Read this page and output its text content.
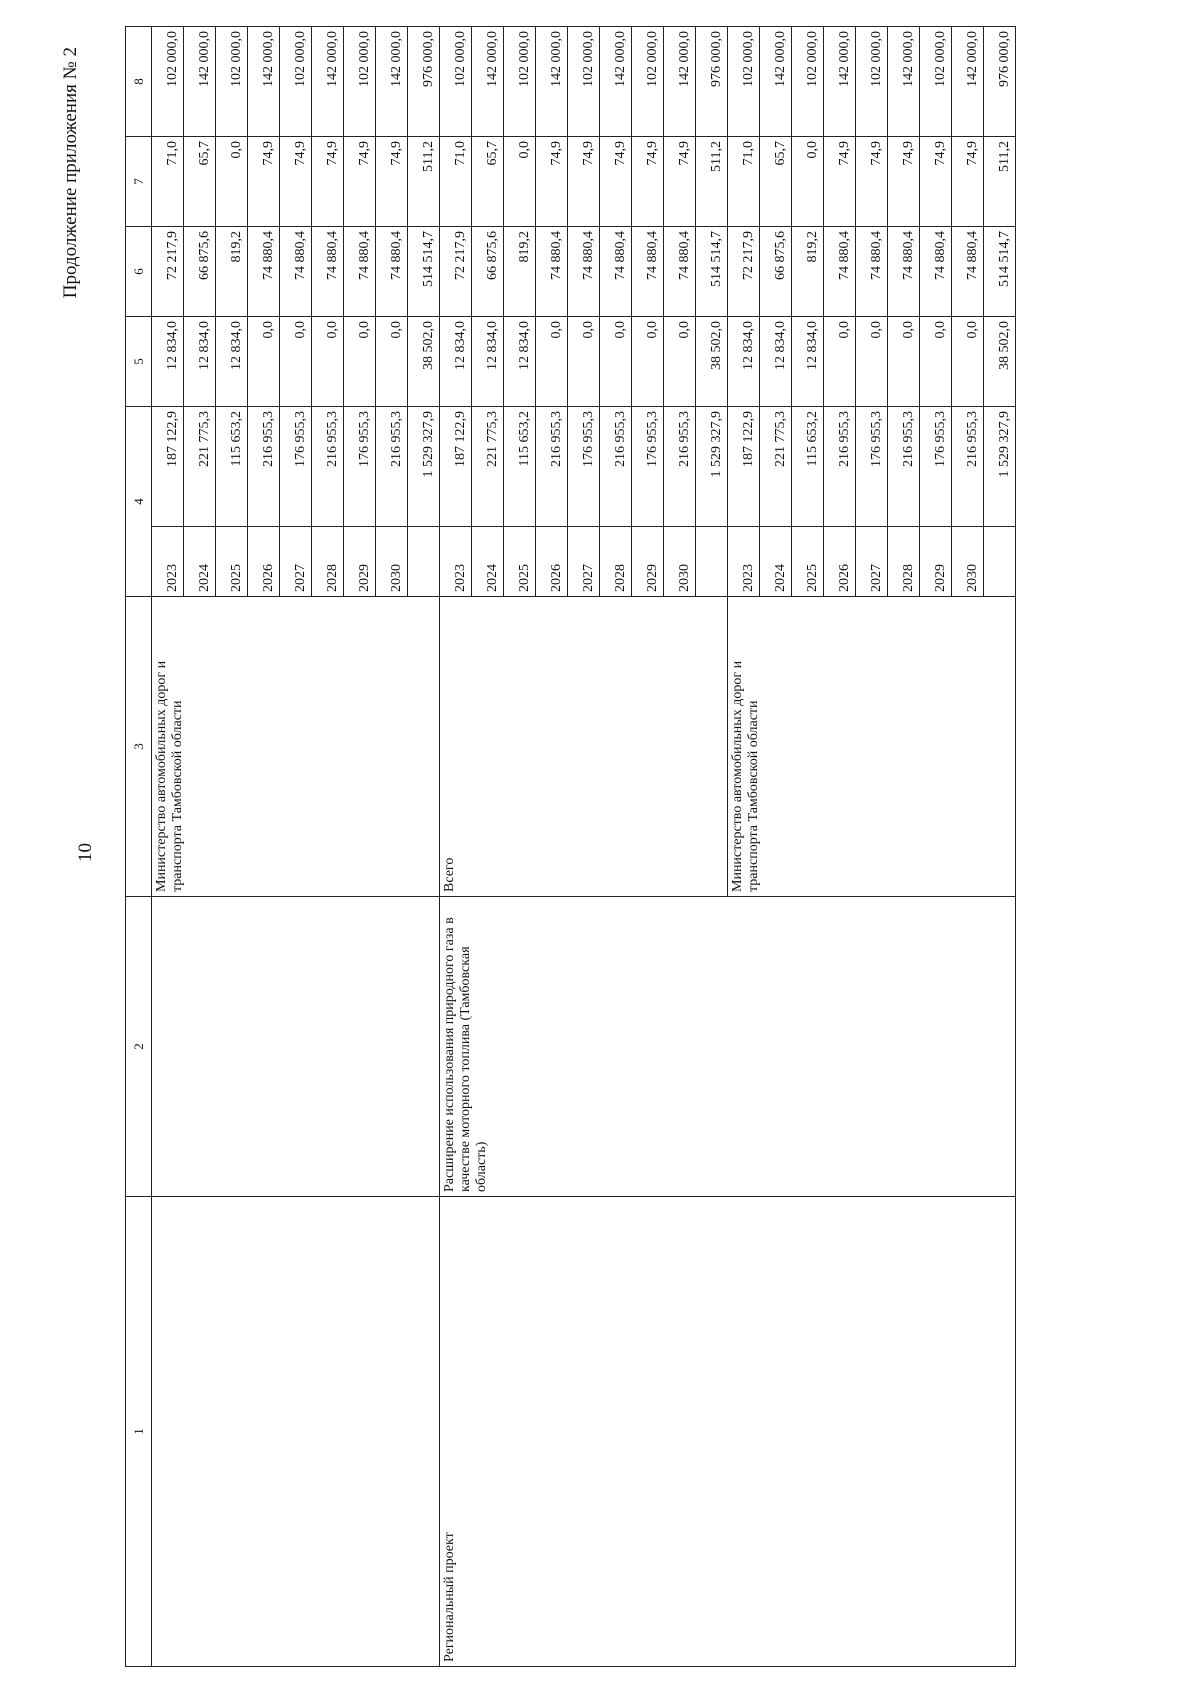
10
Продолжение приложения № 2
1	2	3	4		5	6	7	8
		Министерство автомобильных дорог и транспорта Тамбовской области	2023	187 122,9	12 834,0	72 217,9	71,0	102 000,0
			2024	221 775,3	12 834,0	66 875,6	65,7	142 000,0
			2025	115 653,2	12 834,0	819,2	0,0	102 000,0
			2026	216 955,3	0,0	74 880,4	74,9	142 000,0
			2027	176 955,3	0,0	74 880,4	74,9	102 000,0
			2028	216 955,3	0,0	74 880,4	74,9	142 000,0
			2029	176 955,3	0,0	74 880,4	74,9	102 000,0
			2030	216 955,3	0,0	74 880,4	74,9	142 000,0
				1 529 327,9	38 502,0	514 514,7	511,2	976 000,0
Региональный проект	Расширение использования природного газа в качестве моторного топлива (Тамбовская область)	Всего	2023	187 122,9	12 834,0	72 217,9	71,0	102 000,0
			2024	221 775,3	12 834,0	66 875,6	65,7	142 000,0
			2025	115 653,2	12 834,0	819,2	0,0	102 000,0
			2026	216 955,3	0,0	74 880,4	74,9	142 000,0
			2027	176 955,3	0,0	74 880,4	74,9	102 000,0
			2028	216 955,3	0,0	74 880,4	74,9	142 000,0
			2029	176 955,3	0,0	74 880,4	74,9	102 000,0
			2030	216 955,3	0,0	74 880,4	74,9	142 000,0
				1 529 327,9	38 502,0	514 514,7	511,2	976 000,0
		Министерство автомобильных дорог и транспорта Тамбовской области	2023	187 122,9	12 834,0	72 217,9	71,0	102 000,0
			2024	221 775,3	12 834,0	66 875,6	65,7	142 000,0
			2025	115 653,2	12 834,0	819,2	0,0	102 000,0
			2026	216 955,3	0,0	74 880,4	74,9	142 000,0
			2027	176 955,3	0,0	74 880,4	74,9	102 000,0
			2028	216 955,3	0,0	74 880,4	74,9	142 000,0
			2029	176 955,3	0,0	74 880,4	74,9	102 000,0
			2030	216 955,3	0,0	74 880,4	74,9	142 000,0
				1 529 327,9	38 502,0	514 514,7	511,2	976 000,0
